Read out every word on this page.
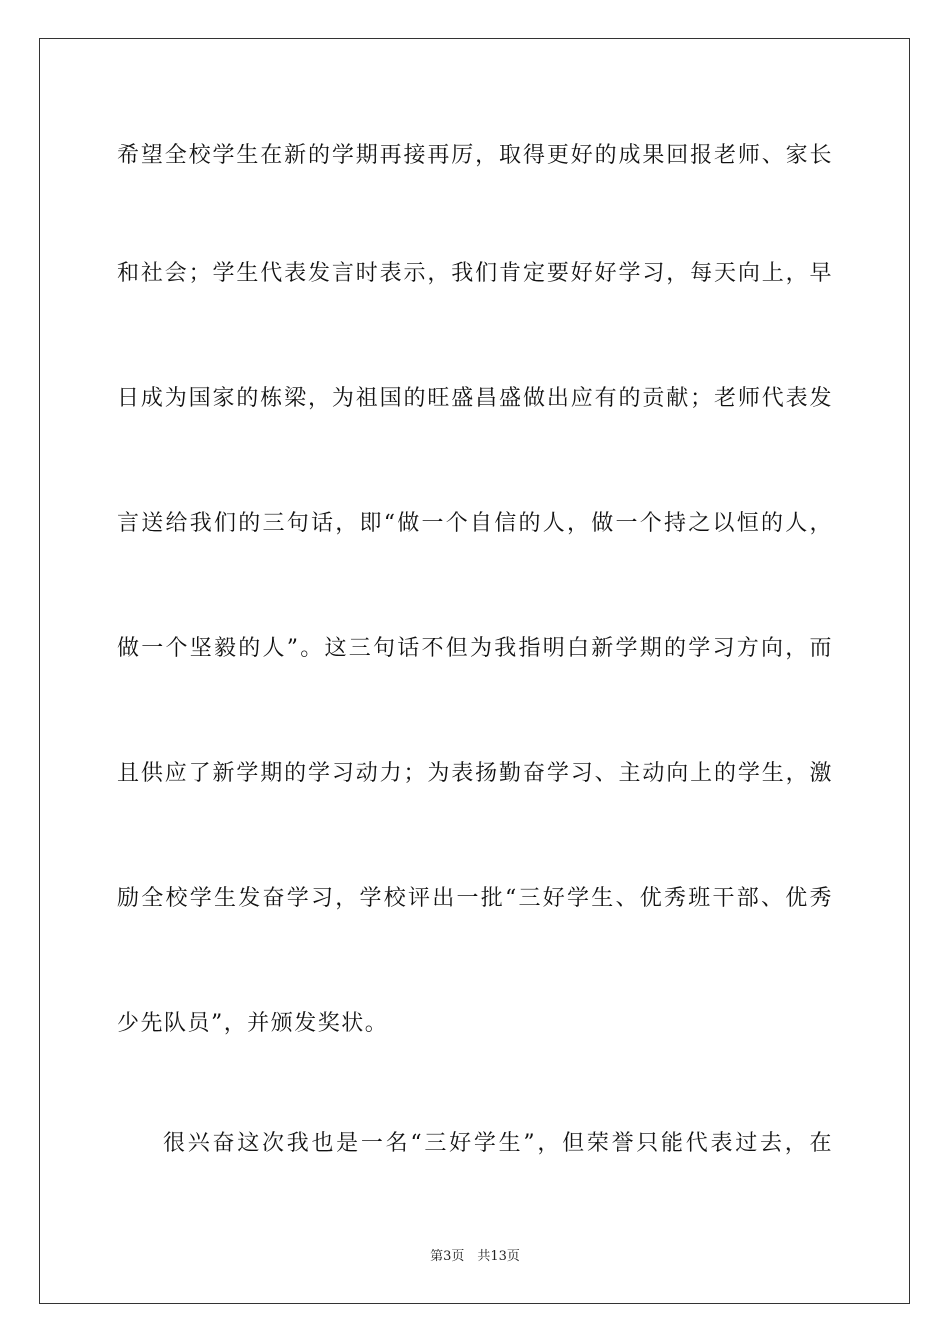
希望全校学生在新的学期再接再厉，取得更好的成果回报老师、家长
和社会；学生代表发言时表示，我们肯定要好好学习，每天向上，早
日成为国家的栋梁，为祖国的旺盛昌盛做出应有的贡献；老师代表发
言送给我们的三句话，即“做一个自信的人，做一个持之以恒的人，
做一个坚毅的人”。这三句话不但为我指明白新学期的学习方向，而
且供应了新学期的学习动力；为表扬勤奋学习、主动向上的学生，激
励全校学生发奋学习，学校评出一批“三好学生、优秀班干部、优秀
少先队员”，并颁发奖状。
很兴奋这次我也是一名“三好学生”，但荣誉只能代表过去，在
第3页　共13页
